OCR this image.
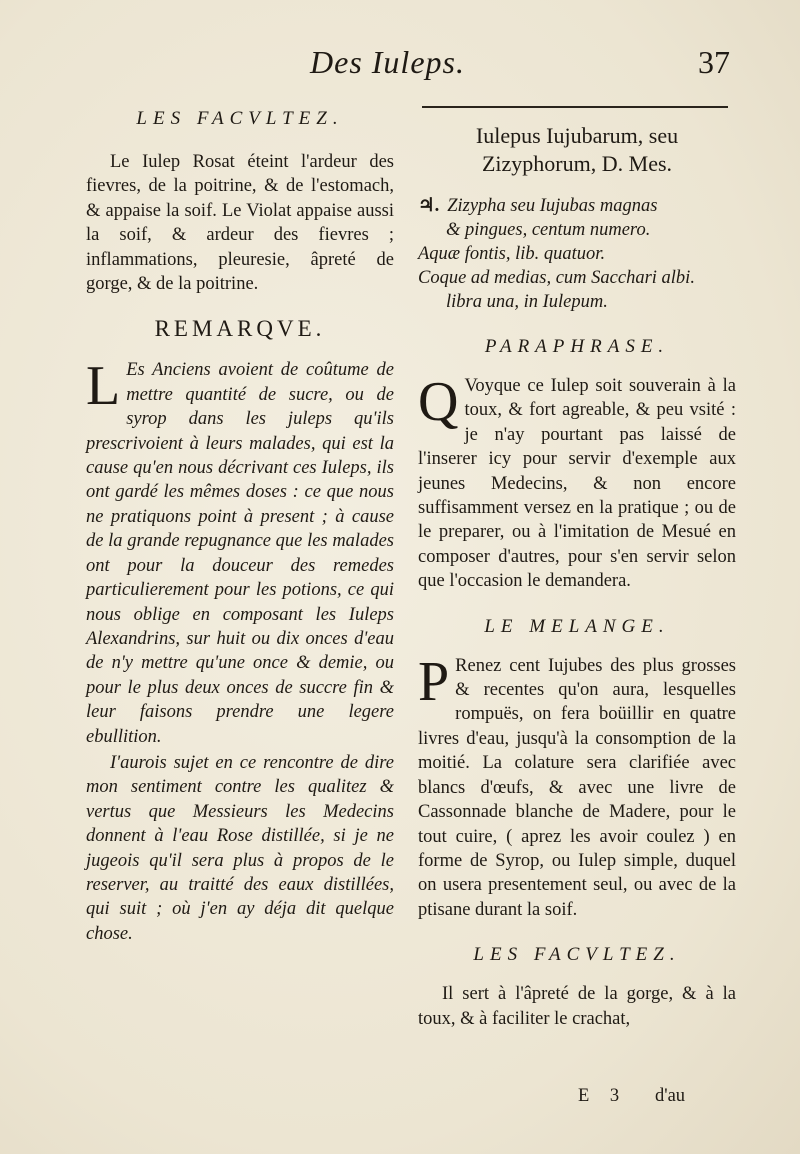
Des Iuleps.	37
LES FACVLTEZ.

Le Iulep Rosat éteint l'ardeur des fievres, de la poitrine, & de l'estomach, & appaise la soif. Le Violat appaise aussi la soif, & ardeur des fievres ; inflammations, pleuresie, âpreté de gorge, & de la poitrine.

REMARQVE.
L Es Anciens avoient de coûtume de mettre quantité de sucre, ou de syrop dans les juleps qu'ils prescrivoient à leurs malades, qui est la cause qu'en nous décrivant ces Iuleps, ils ont gardé les mêmes doses : ce que nous ne pratiquons point à present ; à cause de la grande repugnance que les malades ont pour la douceur des remedes particulierement pour les potions, ce qui nous oblige en composant les Iuleps Alexandrins, sur huit ou dix onces d'eau de n'y mettre qu'une once & demie, ou pour le plus deux onces de succre fin & leur faisons prendre une legere ebullition.

I'aurois sujet en ce rencontre de dire mon sentiment contre les qualitez & vertus que Messieurs les Medecins donnent à l'eau Rose distillée, si je ne jugeois qu'il sera plus à propos de le reserver, au traitté des eaux distillées, qui suit ; où j'en ay déja dit quelque chose.

Iulepus Iujubarum, seu Zizyphorum, D. Mes.

♃. Zizypha seu Iujubas magnas

& pingues, centum numero.

Aquæ fontis, lib. quatuor.

Coque ad medias, cum Sacchari albi.

libra una, in Iulepum.

PARAPHRASE.
Q Voyque ce Iulep soit souverain à la toux, & fort agreable, & peu vsité : je n'ay pourtant pas laissé de l'inserer icy pour servir d'exemple aux jeunes Medecins, & non encore suffisamment versez en la pratique ; ou de le preparer, ou à l'imitation de Mesué en composer d'autres, pour s'en servir selon que l'occasion le demandera.

LE MELANGE.
P Renez cent Iujubes des plus grosses & recentes qu'on aura, lesquelles rompuës, on fera boüillir en quatre livres d'eau, jusqu'à la consomption de la moitié. La colature sera clarifiée avec blancs d'œufs, & avec une livre de Cassonnade blanche de Madere, pour le tout cuire, ( aprez les avoir coulez ) en forme de Syrop, ou Iulep simple, duquel on usera presentement seul, ou avec de la ptisane durant la soif.

LES FACVLTEZ.

Il sert à l'âpreté de la gorge, & à la toux, & à faciliter le crachat,

E 3 d'au
